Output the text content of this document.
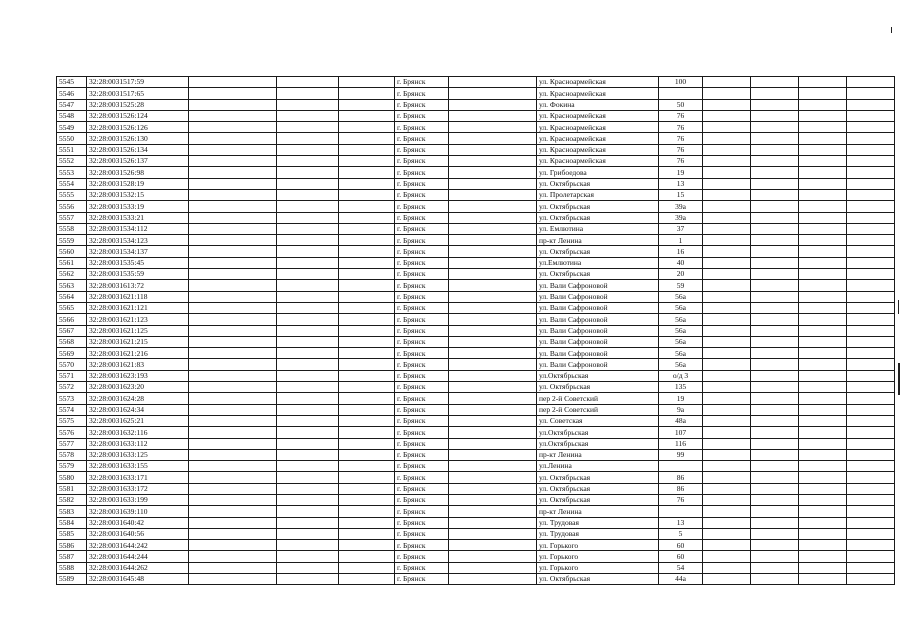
5545	32:28:0031517:59				г. Брянск		ул. Красноармейская	100				
5546	32:28:0031517:65				г. Брянск		ул. Красноармейская					
5547	32:28:0031525:28				г. Брянск		ул. Фокина	50				
5548	32:28:0031526:124				г. Брянск		ул. Красноармейская	76				
5549	32:28:0031526:126				г. Брянск		ул. Красноармейская	76				
5550	32:28:0031526:130				г. Брянск		ул. Красноармейская	76				
5551	32:28:0031526:134				г. Брянск		ул. Красноармейская	76				
5552	32:28:0031526:137				г. Брянск		ул. Красноармейская	76				
5553	32:28:0031526:98				г. Брянск		ул. Грибоедова	19				
5554	32:28:0031528:19				г. Брянск		ул. Октябрьская	13				
5555	32:28:0031532:15				г. Брянск		ул. Пролетарская	15				
5556	32:28:0031533:19				г. Брянск		ул. Октябрьская	39а				
5557	32:28:0031533:21				г. Брянск		ул. Октябрьская	39а				
5558	32:28:0031534:112				г. Брянск		ул. Емлютина	37				
5559	32:28:0031534:123				г. Брянск		пр-кт Ленина	1				
5560	32:28:0031534:137				г. Брянск		ул. Октябрьская	16				
5561	32:28:0031535:45				г. Брянск		ул.Емлютина	40				
5562	32:28:0031535:59				г. Брянск		ул. Октябрьская	20				
5563	32:28:0031613:72				г. Брянск		ул. Вали Сафроновой	59				
5564	32:28:0031621:118				г. Брянск		ул. Вали Сафроновой	56а				
5565	32:28:0031621:121				г. Брянск		ул. Вали Сафроновой	56а				
5566	32:28:0031621:123				г. Брянск		ул. Вали Сафроновой	56а				
5567	32:28:0031621:125				г. Брянск		ул. Вали Сафроновой	56а				
5568	32:28:0031621:215				г. Брянск		ул. Вали Сафроновой	56а				
5569	32:28:0031621:216				г. Брянск		ул. Вали Сафроновой	56а				
5570	32:28:0031621:83				г. Брянск		ул. Вали Сафроновой	56а				
5571	32:28:0031623:193				г. Брянск		ул.Октябрьская	о/д 3				
5572	32:28:0031623:20				г. Брянск		ул. Октябрьская	135				
5573	32:28:0031624:28				г. Брянск		пер 2-й Советский	19				
5574	32:28:0031624:34				г. Брянск		пер 2-й Советский	9а				
5575	32:28:0031625:21				г. Брянск		ул. Советская	48а				
5576	32:28:0031632:116				г. Брянск		ул.Октябрьская	107				
5577	32:28:0031633:112				г. Брянск		ул.Октябрьская	116				
5578	32:28:0031633:125				г. Брянск		пр-кт Ленина	99				
5579	32:28:0031633:155				г. Брянск		ул.Ленина					
5580	32:28:0031633:171				г. Брянск		ул. Октябрьская	86				
5581	32:28:0031633:172				г. Брянск		ул. Октябрьская	86				
5582	32:28:0031633:199				г. Брянск		ул. Октябрьская	76				
5583	32:28:0031639:110				г. Брянск		пр-кт Ленина					
5584	32:28:0031640:42				г. Брянск		ул. Трудовая	13				
5585	32:28:0031640:56				г. Брянск		ул. Трудовая	5				
5586	32:28:0031644:242				г. Брянск		ул. Горького	60				
5587	32:28:0031644:244				г. Брянск		ул. Горького	60				
5588	32:28:0031644:262				г. Брянск		ул. Горького	54				
5589	32:28:0031645:48				г. Брянск		ул. Октябрьская	44а				
